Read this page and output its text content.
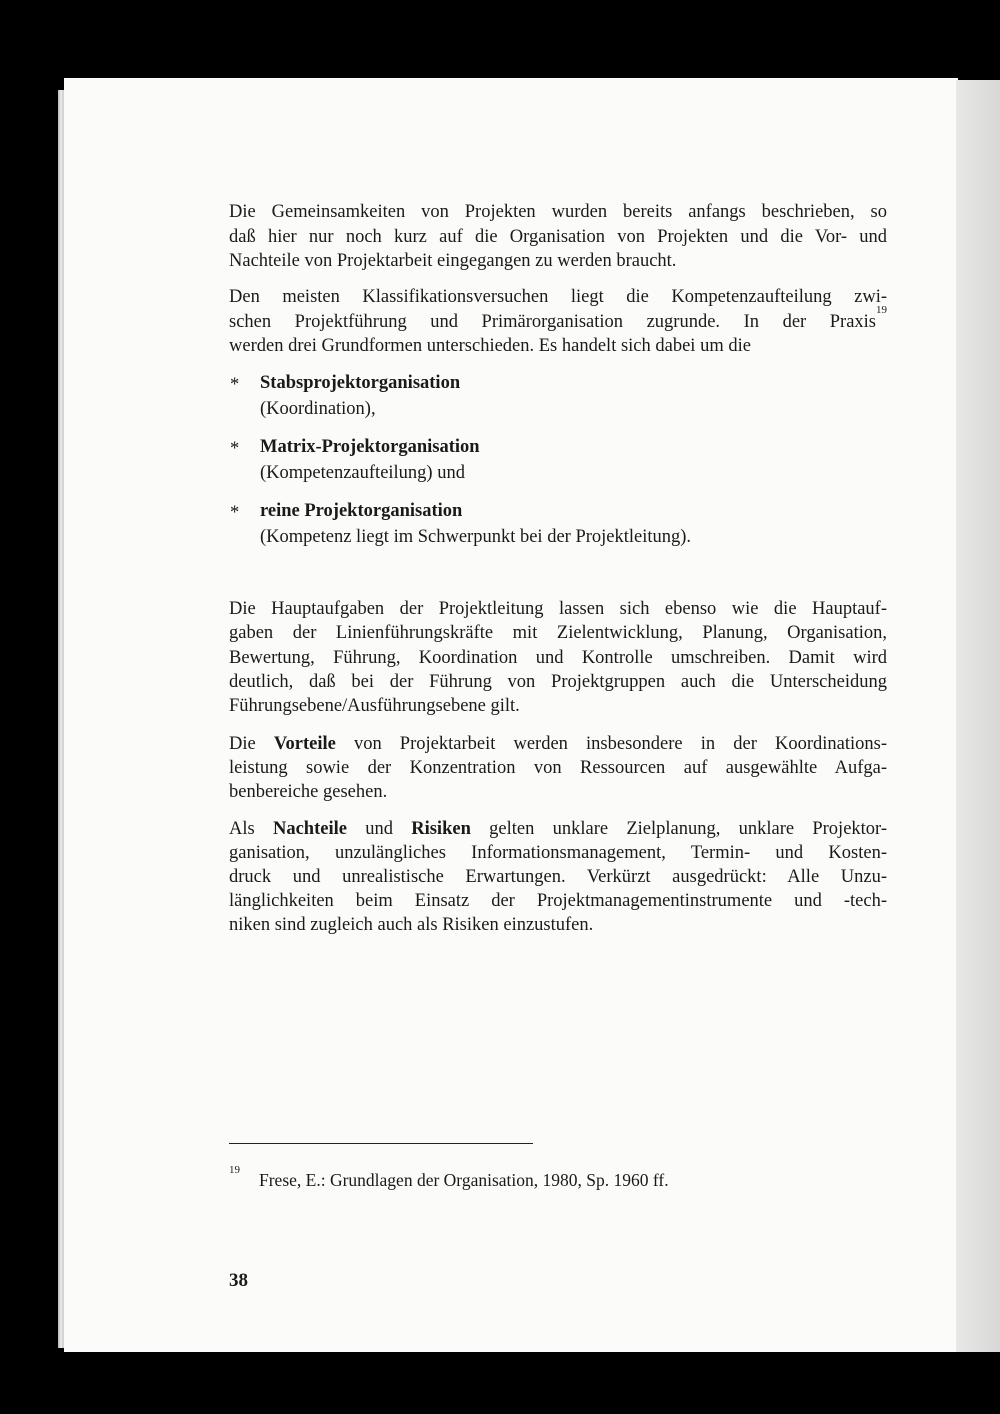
Die Gemeinsamkeiten von Projekten wurden bereits anfangs beschrieben, so
daß hier nur noch kurz auf die Organisation von Projekten und die Vor- und
Nachteile von Projektarbeit eingegangen zu werden braucht.
Den meisten Klassifikationsversuchen liegt die Kompetenzaufteilung zwi-
schen Projektführung und Primärorganisation zugrunde. In der Praxis
19
werden drei Grundformen unterschieden. Es handelt sich dabei um die
* Stabsprojektorganisation
(Koordination),
* Matrix-Projektorganisation
(Kompetenzaufteilung) und
* reine Projektorganisation
(Kompetenz liegt im Schwerpunkt bei der Projektleitung).
Die Hauptaufgaben der Projektleitung lassen sich ebenso wie die Hauptauf-
gaben der Linienführungskräfte mit Zielentwicklung, Planung, Organisation,
Bewertung, Führung, Koordination und Kontrolle umschreiben. Damit wird
deutlich, daß bei der Führung von Projektgruppen auch die Unterscheidung
Führungsebene/Ausführungsebene gilt.
Die Vorteile von Projektarbeit werden insbesondere in der Koordinations-
leistung sowie der Konzentration von Ressourcen auf ausgewählte Aufga-
benbereiche gesehen.
Als Nachteile und Risiken gelten unklare Zielplanung, unklare Projektor-
ganisation, unzulängliches Informationsmanagement, Termin- und Kosten-
druck und unrealistische Erwartungen. Verkürzt ausgedrückt: Alle Unzu-
länglichkeiten beim Einsatz der Projektmanagementinstrumente und -tech-
niken sind zugleich auch als Risiken einzustufen.
19 Frese, E.: Grundlagen der Organisation, 1980, Sp. 1960 ff.
38
